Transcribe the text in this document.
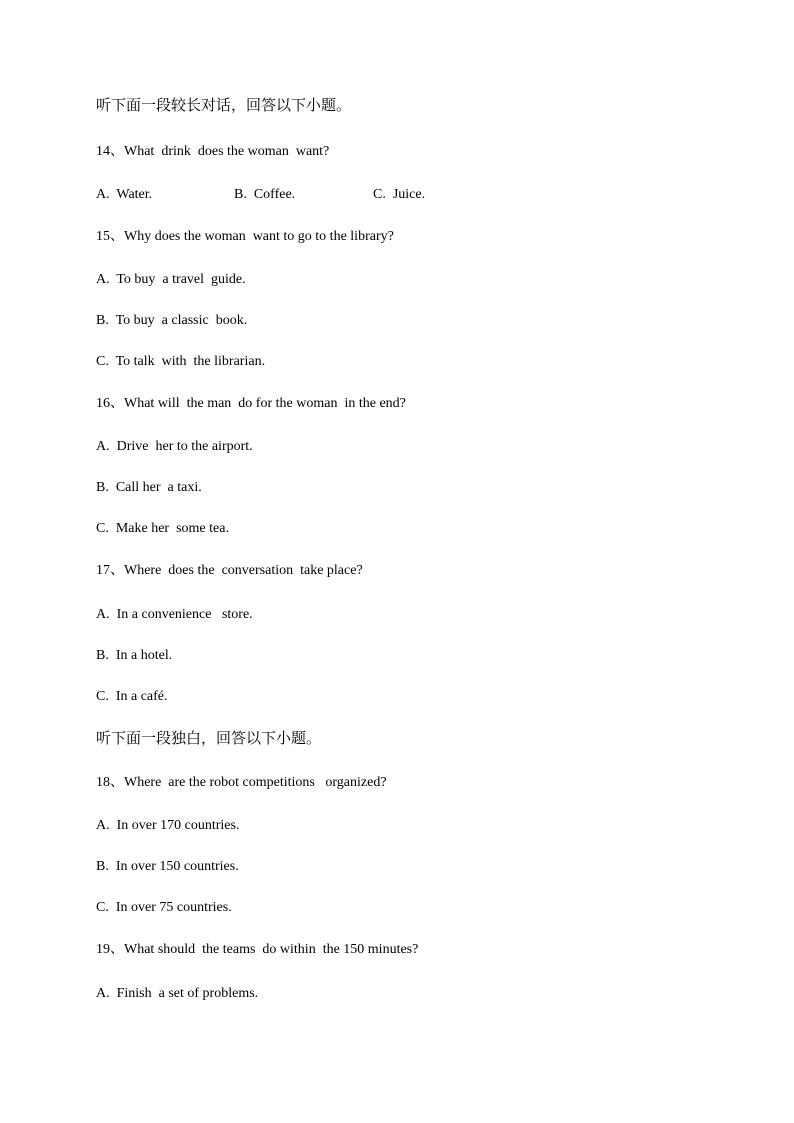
听下面一段较长对话，回答以下小题。
14、What  drink  does the woman  want?
A.  Water.	B.  Coffee.	C.  Juice.
15、Why does the woman  want to go to the library?
A.  To buy  a travel  guide.
B.  To buy  a classic  book.
C.  To talk  with  the librarian.
16、What will  the man  do for the woman  in the end?
A.  Drive  her to the airport.
B.  Call her  a taxi.
C.  Make her  some tea.
17、Where  does the  conversation  take place?
A.  In a convenience   store.
B.  In a hotel.
C.  In a café.
听下面一段独白，回答以下小题。
18、Where  are the robot competitions   organized?
A.  In over 170 countries.
B.  In over 150 countries.
C.  In over 75 countries.
19、What should  the teams  do within  the 150 minutes?
A.  Finish  a set of problems.
